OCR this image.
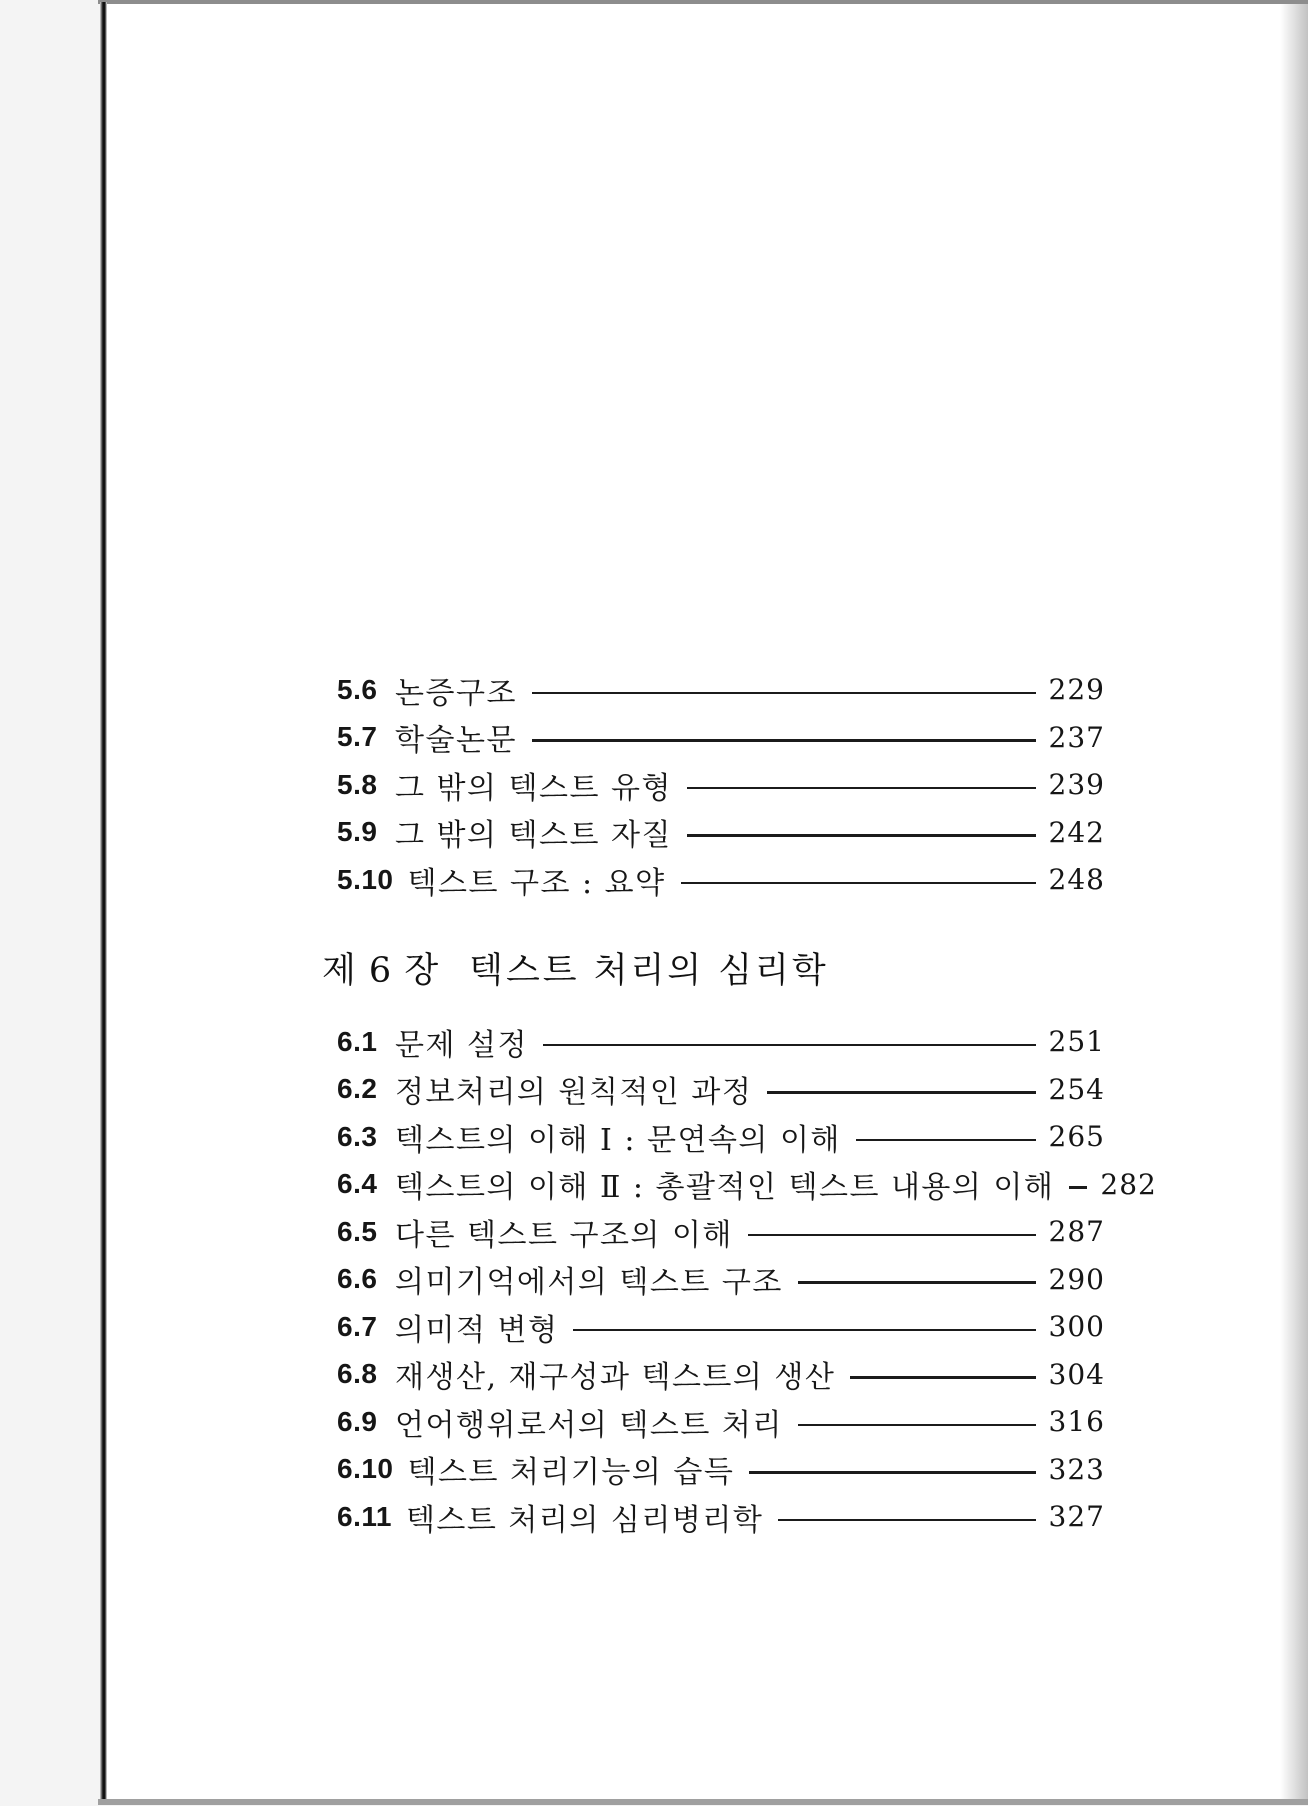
5.6 논증구조	229
5.7 학술논문	237
5.8 그 밖의 텍스트 유형	239
5.9 그 밖의 텍스트 자질	242
5.10 텍스트 구조 : 요약	248
제 6 장 텍스트 처리의 심리학
6.1 문제 설정	251
6.2 정보처리의 원칙적인 과정	254
6.3 텍스트의 이해 Ⅰ : 문연속의 이해	265
6.4 텍스트의 이해 Ⅱ : 총괄적인 텍스트 내용의 이해 282
6.5 다른 텍스트 구조의 이해	287
6.6 의미기억에서의 텍스트 구조	290
6.7 의미적 변형	300
6.8 재생산, 재구성과 텍스트의 생산	304
6.9 언어행위로서의 텍스트 처리	316
6.10 텍스트 처리기능의 습득	323
6.11 텍스트 처리의 심리병리학	327
